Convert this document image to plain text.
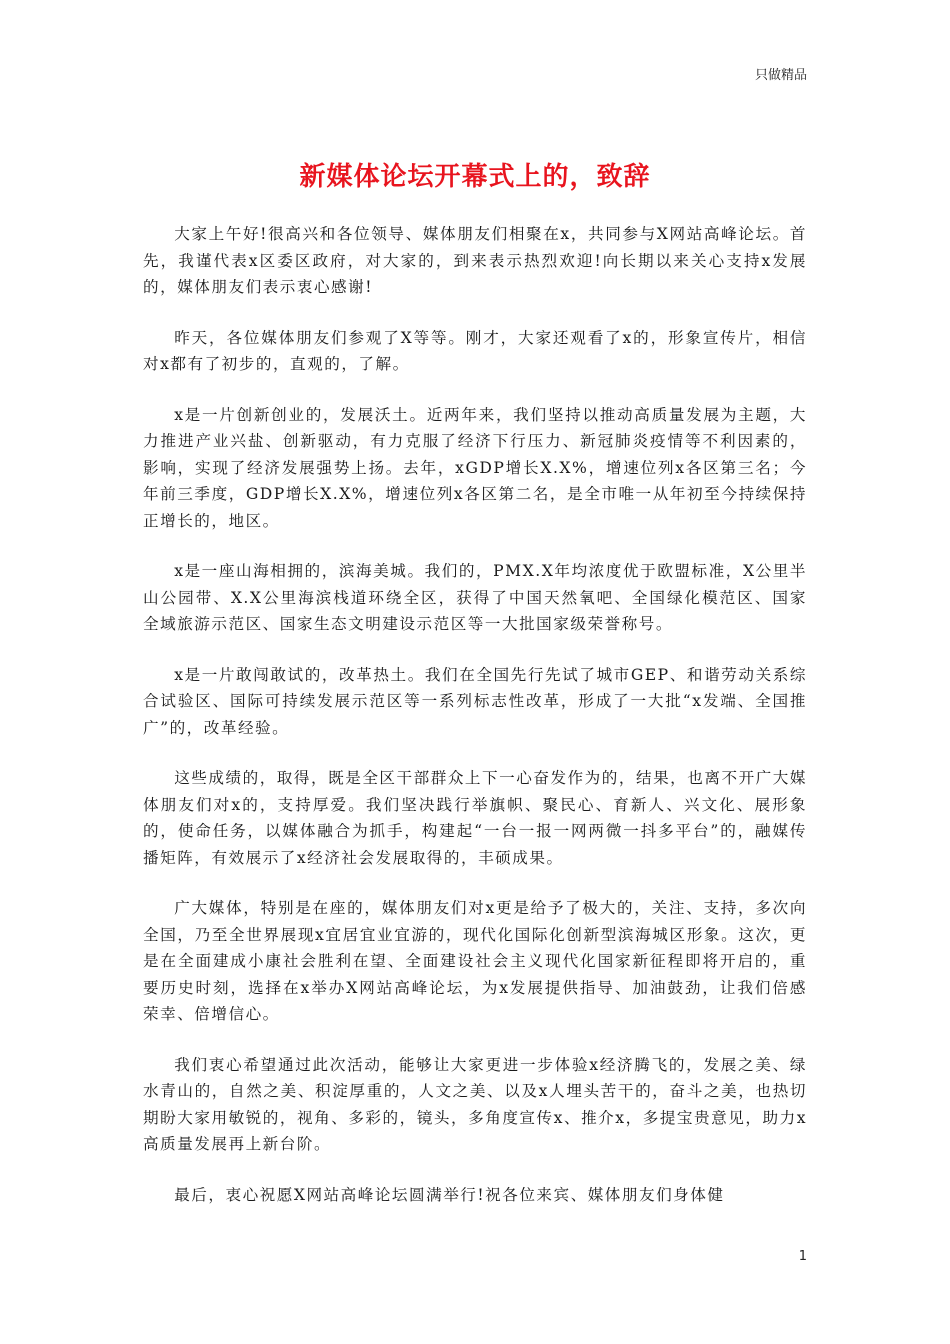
只做精品
新媒体论坛开幕式上的，致辞

大家上午好!很高兴和各位领导、媒体朋友们相聚在x，共同参与X网站高峰论坛。首先，我谨代表x区委区政府，对大家的，到来表示热烈欢迎!向长期以来关心支持x发展的，媒体朋友们表示衷心感谢!

昨天，各位媒体朋友们参观了X等等。刚才，大家还观看了x的，形象宣传片，相信对x都有了初步的，直观的，了解。

x是一片创新创业的，发展沃土。近两年来，我们坚持以推动高质量发展为主题，大力推进产业兴盐、创新驱动，有力克服了经济下行压力、新冠肺炎疫情等不利因素的，影响，实现了经济发展强势上扬。去年，xGDP增长X.X%，增速位列x各区第三名；今年前三季度，GDP增长X.X%，增速位列x各区第二名，是全市唯一从年初至今持续保持正增长的，地区。

x是一座山海相拥的，滨海美城。我们的，PMX.X年均浓度优于欧盟标准，X公里半山公园带、X.X公里海滨栈道环绕全区，获得了中国天然氧吧、全国绿化模范区、国家全域旅游示范区、国家生态文明建设示范区等一大批国家级荣誉称号。

x是一片敢闯敢试的，改革热土。我们在全国先行先试了城市GEP、和谐劳动关系综合试验区、国际可持续发展示范区等一系列标志性改革，形成了一大批“x发端、全国推广”的，改革经验。

这些成绩的，取得，既是全区干部群众上下一心奋发作为的，结果，也离不开广大媒体朋友们对x的，支持厚爱。我们坚决践行举旗帜、聚民心、育新人、兴文化、展形象的，使命任务，以媒体融合为抓手，构建起“一台一报一网两微一抖多平台”的，融媒传播矩阵，有效展示了x经济社会发展取得的，丰硕成果。

广大媒体，特别是在座的，媒体朋友们对x更是给予了极大的，关注、支持，多次向全国，乃至全世界展现x宜居宜业宜游的，现代化国际化创新型滨海城区形象。这次，更是在全面建成小康社会胜利在望、全面建设社会主义现代化国家新征程即将开启的，重要历史时刻，选择在x举办X网站高峰论坛，为x发展提供指导、加油鼓劲，让我们倍感荣幸、倍增信心。

我们衷心希望通过此次活动，能够让大家更进一步体验x经济腾飞的，发展之美、绿水青山的，自然之美、积淀厚重的，人文之美、以及x人埋头苦干的，奋斗之美，也热切期盼大家用敏锐的，视角、多彩的，镜头，多角度宣传x、推介x，多提宝贵意见，助力x高质量发展再上新台阶。

最后，衷心祝愿X网站高峰论坛圆满举行!祝各位来宾、媒体朋友们身体健

1
